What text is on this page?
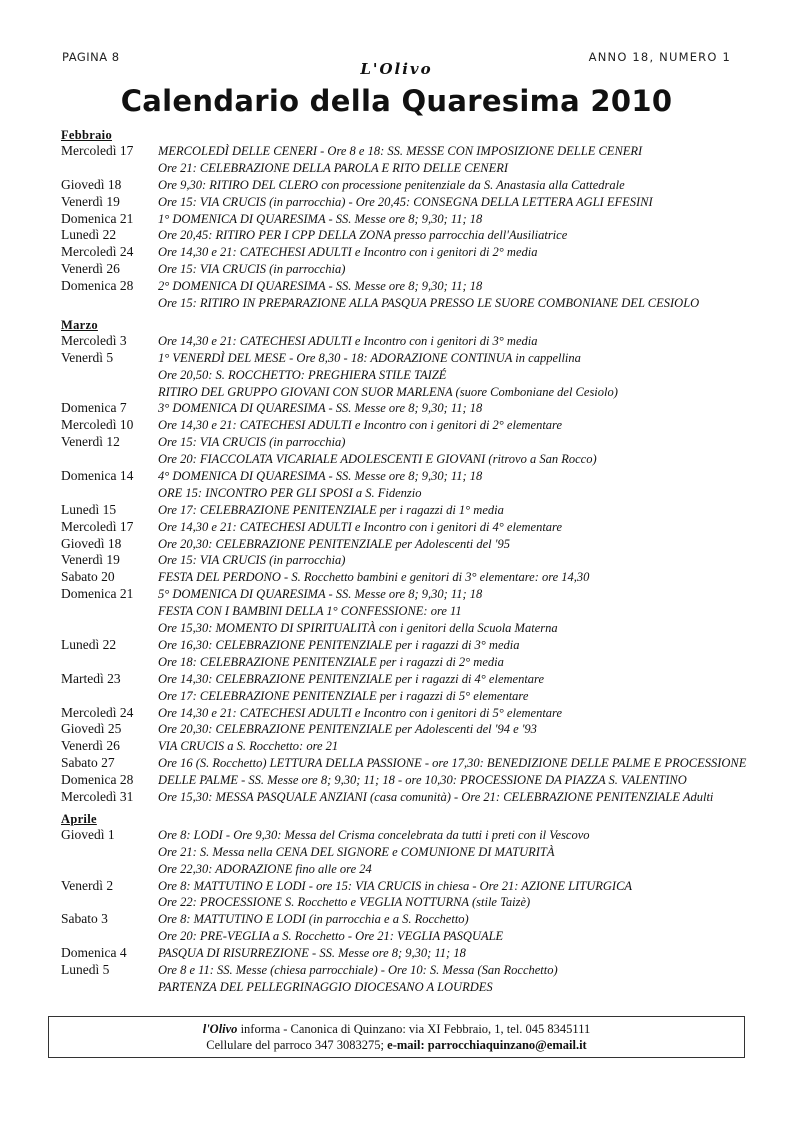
PAGINA 8	ANNO 18, NUMERO 1
L'Olivo
Calendario della Quaresima 2010
Febbraio
Mercoledì 17	MERCOLEDÌ DELLE CENERI - Ore 8 e 18: SS. MESSE CON IMPOSIZIONE DELLE CENERI
Ore 21: CELEBRAZIONE DELLA PAROLA E RITO DELLE CENERI
Giovedì 18	Ore 9,30: RITIRO DEL CLERO con processione penitenziale da S. Anastasia alla Cattedrale
Venerdì 19	Ore 15: VIA CRUCIS (in parrocchia) - Ore 20,45: CONSEGNA DELLA LETTERA AGLI EFESINI
Domenica 21	1° DOMENICA DI QUARESIMA - SS. Messe ore 8; 9,30; 11; 18
Lunedì 22	Ore 20,45: RITIRO PER I CPP DELLA ZONA presso parrocchia dell'Ausiliatrice
Mercoledì 24	Ore 14,30 e 21: CATECHESI ADULTI e Incontro con i genitori di 2° media
Venerdì 26	Ore 15: VIA CRUCIS (in parrocchia)
Domenica 28	2° DOMENICA DI QUARESIMA - SS. Messe ore 8; 9,30; 11; 18
Ore 15: RITIRO IN PREPARAZIONE ALLA PASQUA PRESSO LE SUORE COMBONIANE DEL CESIOLO
Marzo
Mercoledì 3	Ore 14,30 e 21: CATECHESI ADULTI e Incontro con i genitori di 3° media
Venerdì 5	1° VENERDÌ DEL MESE - Ore 8,30 - 18: ADORAZIONE CONTINUA in cappellina
Ore 20,50: S. ROCCHETTO: PREGHIERA STILE TAIZÉ
RITIRO DEL GRUPPO GIOVANI CON SUOR MARLENA (suore Comboniane del Cesiolo)
Domenica 7	3° DOMENICA DI QUARESIMA - SS. Messe ore 8; 9,30; 11; 18
Mercoledì 10	Ore 14,30 e 21: CATECHESI ADULTI e Incontro con i genitori di 2° elementare
Venerdì 12	Ore 15: VIA CRUCIS (in parrocchia)
Ore 20: FIACCOLATA VICARIALE ADOLESCENTI E GIOVANI (ritrovo a San Rocco)
Domenica 14	4° DOMENICA DI QUARESIMA - SS. Messe ore 8; 9,30; 11; 18
ORE 15: INCONTRO PER GLI SPOSI a S. Fidenzio
Lunedì 15	Ore 17: CELEBRAZIONE PENITENZIALE per i ragazzi di 1° media
Mercoledì 17	Ore 14,30 e 21: CATECHESI ADULTI e Incontro con i genitori di 4° elementare
Giovedì 18	Ore 20,30: CELEBRAZIONE PENITENZIALE per Adolescenti del '95
Venerdì 19	Ore 15: VIA CRUCIS (in parrocchia)
Sabato 20	FESTA DEL PERDONO - S. Rocchetto bambini e genitori di 3° elementare: ore 14,30
Domenica 21	5° DOMENICA DI QUARESIMA - SS. Messe ore 8; 9,30; 11; 18
FESTA CON I BAMBINI DELLA 1° CONFESSIONE: ore 11
Ore 15,30: MOMENTO DI SPIRITUALITÀ con i genitori della Scuola Materna
Lunedì 22	Ore 16,30: CELEBRAZIONE PENITENZIALE per i ragazzi di 3° media
Ore 18: CELEBRAZIONE PENITENZIALE per i ragazzi di 2° media
Martedì 23	Ore 14,30: CELEBRAZIONE PENITENZIALE per i ragazzi di 4° elementare
Ore 17: CELEBRAZIONE PENITENZIALE per i ragazzi di 5° elementare
Mercoledì 24	Ore 14,30 e 21: CATECHESI ADULTI e Incontro con i genitori di 5° elementare
Giovedì 25	Ore 20,30: CELEBRAZIONE PENITENZIALE per Adolescenti del '94 e '93
Venerdì 26	VIA CRUCIS a S. Rocchetto: ore 21
Sabato 27	Ore 16 (S. Rocchetto) LETTURA DELLA PASSIONE - ore 17,30: BENEDIZIONE DELLE PALME E PROCESSIONE
Domenica 28	DELLE PALME - SS. Messe ore 8; 9,30; 11; 18 - ore 10,30: PROCESSIONE DA PIAZZA S. VALENTINO
Mercoledì 31	Ore 15,30: MESSA PASQUALE ANZIANI (casa comunità) - Ore 21: CELEBRAZIONE PENITENZIALE Adulti
Aprile
Giovedì 1	Ore 8: LODI - Ore 9,30: Messa del Crisma concelebrata da tutti i preti con il Vescovo
Ore 21: S. Messa nella CENA DEL SIGNORE e COMUNIONE DI MATURITÀ
Ore 22,30: ADORAZIONE fino alle ore 24
Venerdì 2	Ore 8: MATTUTINO E LODI - ore 15: VIA CRUCIS in chiesa - Ore 21: AZIONE LITURGICA
Ore 22: PROCESSIONE S. Rocchetto e VEGLIA NOTTURNA (stile Taizè)
Sabato 3	Ore 8: MATTUTINO E LODI (in parrocchia e a S. Rocchetto)
Ore 20: PRE-VEGLIA a S. Rocchetto - Ore 21: VEGLIA PASQUALE
Domenica 4	PASQUA DI RISURREZIONE - SS. Messe ore 8; 9,30; 11; 18
Lunedì 5	Ore 8 e 11: SS. Messe (chiesa parrocchiale) - Ore 10: S. Messa (San Rocchetto)
PARTENZA DEL PELLEGRINAGGIO DIOCESANO A LOURDES
l'Olivo informa - Canonica di Quinzano: via XI Febbraio, 1, tel. 045 8345111
Cellulare del parroco 347 3083275; e-mail: parrocchiaquinzano@email.it
